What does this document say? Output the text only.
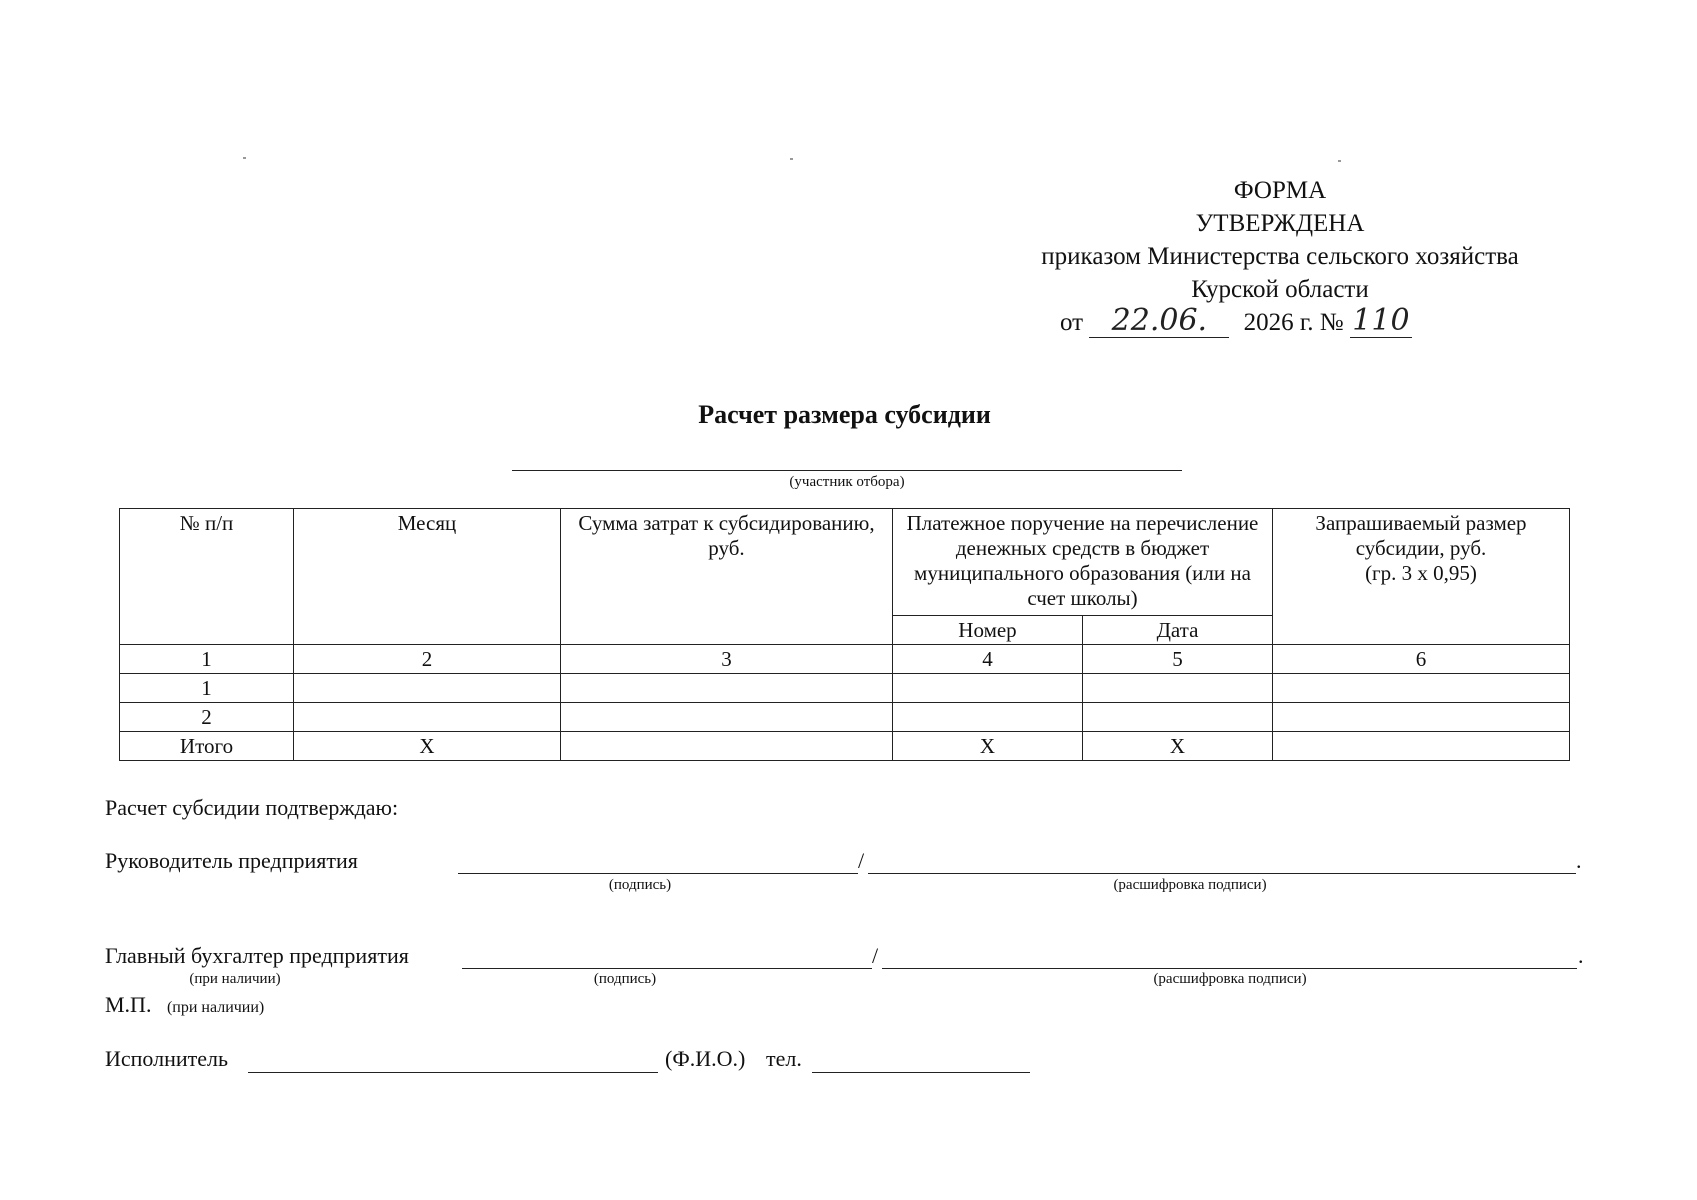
ФОРМА
УТВЕРЖДЕНА
приказом Министерства сельского хозяйства
Курской области
от 22.06. 2026 г. № 110
Расчет размера субсидии
(участник отбора)
№ п/п	Месяц	Сумма затрат к субсидированию, руб.	Платежное поручение на перечисление денежных средств в бюджет муниципального образования (или на счет школы)		Запрашиваемый размер субсидии, руб.
(гр. 3 х 0,95)

			Номер	Дата	
1	2	3	4	5	6
1					
2					
Итого	Х		Х	Х	
Расчет субсидии подтверждаю:
Руководитель предприятия	/	.
(подпись)	(расшифровка подписи)
Главный бухгалтер предприятия	/	.
(при наличии)	(подпись)	(расшифровка подписи)
М.П. (при наличии)
Исполнитель	(Ф.И.О.) тел.
